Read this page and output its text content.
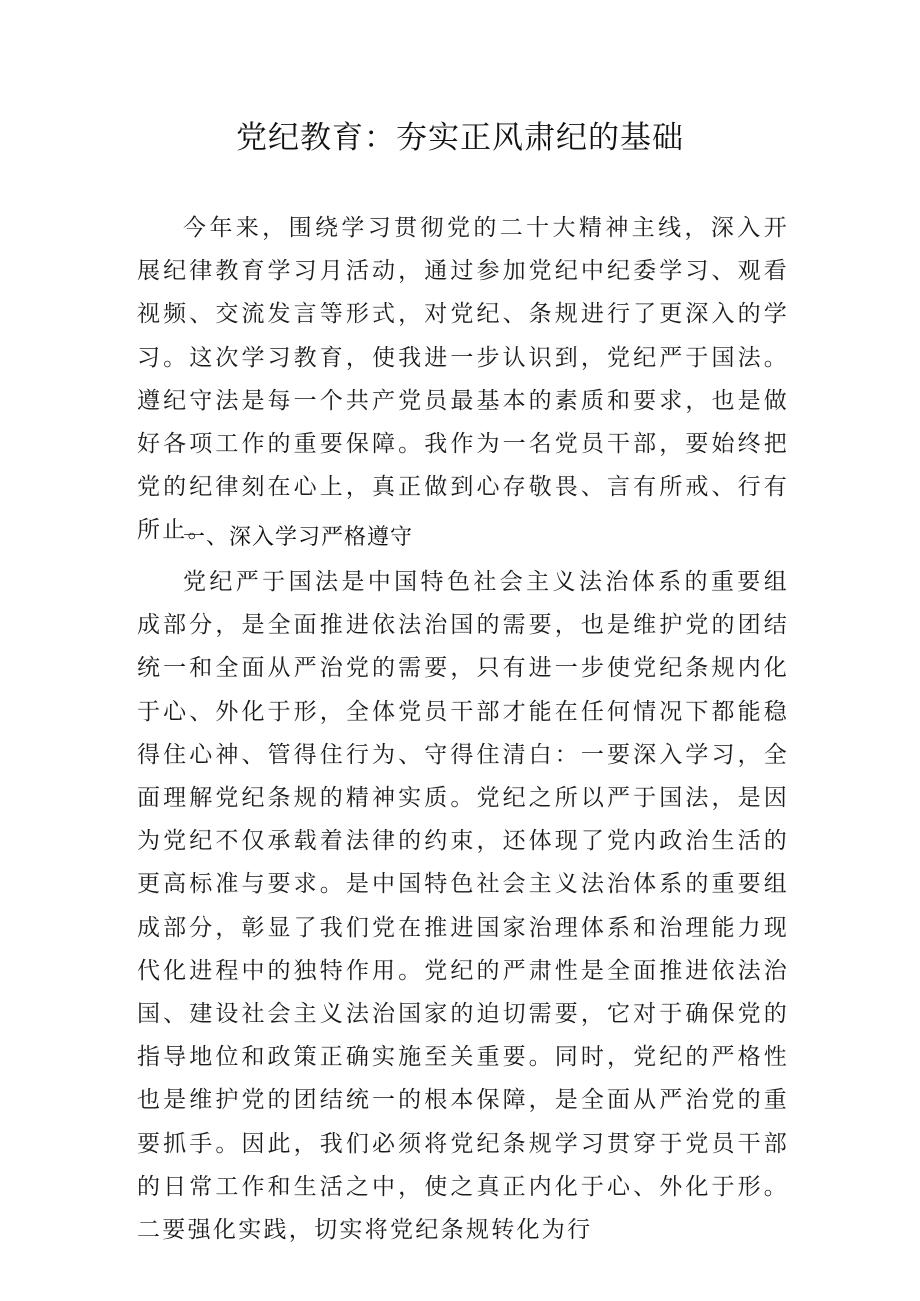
党纪教育：夯实正风肃纪的基础

今年来，围绕学习贯彻党的二十大精神主线，深入开展纪律教育学习月活动，通过参加党纪中纪委学习、观看视频、交流发言等形式，对党纪、条规进行了更深入的学习。这次学习教育，使我进一步认识到，党纪严于国法。遵纪守法是每一个共产党员最基本的素质和要求，也是做好各项工作的重要保障。我作为一名党员干部，要始终把党的纪律刻在心上，真正做到心存敬畏、言有所戒、行有所止。

一、深入学习严格遵守

党纪严于国法是中国特色社会主义法治体系的重要组成部分，是全面推进依法治国的需要，也是维护党的团结统一和全面从严治党的需要，只有进一步使党纪条规内化于心、外化于形，全体党员干部才能在任何情况下都能稳得住心神、管得住行为、守得住清白：一要深入学习，全面理解党纪条规的精神实质。党纪之所以严于国法，是因为党纪不仅承载着法律的约束，还体现了党内政治生活的更高标准与要求。是中国特色社会主义法治体系的重要组成部分，彰显了我们党在推进国家治理体系和治理能力现代化进程中的独特作用。党纪的严肃性是全面推进依法治国、建设社会主义法治国家的迫切需要，它对于确保党的指导地位和政策正确实施至关重要。同时，党纪的严格性也是维护党的团结统一的根本保障，是全面从严治党的重要抓手。因此，我们必须将党纪条规学习贯穿于党员干部的日常工作和生活之中，使之真正内化于心、外化于形。二要强化实践，切实将党纪条规转化为行
